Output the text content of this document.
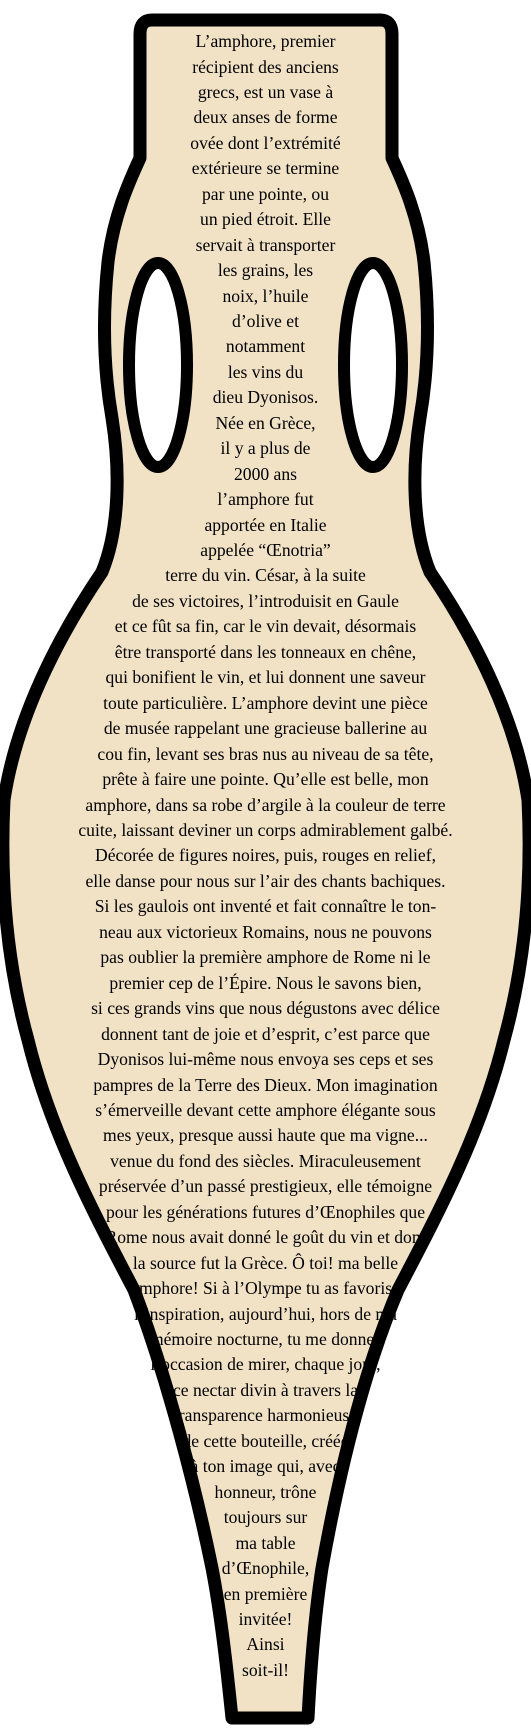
L’amphore, premier
récipient des anciens
grecs, est un vase à
deux anses de forme
ovée dont l’extrémité
extérieure se termine
par une pointe, ou
un pied étroit. Elle
servait à transporter
les grains, les
noix, l’huile
d’olive et
notamment
les vins du
dieu Dyonisos.
Née en Grèce,
il y a plus de
2000 ans
l’amphore fut
apportée en Italie
appelée “Œnotria”
terre du vin. César, à la suite
de ses victoires, l’introduisit en Gaule
et ce fût sa fin, car le vin devait, désormais
être transporté dans les tonneaux en chêne,
qui bonifient le vin, et lui donnent une saveur
toute particulière. L’amphore devint une pièce
de musée rappelant une gracieuse ballerine au
cou fin, levant ses bras nus au niveau de sa tête,
prête à faire une pointe. Qu’elle est belle, mon
amphore, dans sa robe d’argile à la couleur de terre
cuite, laissant deviner un corps admirablement galbé.
Décorée de figures noires, puis, rouges en relief,
elle danse pour nous sur l’air des chants bachiques.
Si les gaulois ont inventé et fait connaître le ton-
neau aux victorieux Romains, nous ne pouvons
pas oublier la première amphore de Rome ni le
premier cep de l’Épire. Nous le savons bien,
si ces grands vins que nous dégustons avec délice
donnent tant de joie et d’esprit, c’est parce que
Dyonisos lui-même nous envoya ses ceps et ses
pampres de la Terre des Dieux. Mon imagination
s’émerveille devant cette amphore élégante sous
mes yeux, presque aussi haute que ma vigne...
venue du fond des siècles. Miraculeusement
préservée d’un passé prestigieux, elle témoigne
pour les générations futures d’Œnophiles que
Rome nous avait donné le goût du vin et dont
la source fut la Grèce. Ô toi! ma belle
amphore! Si à l’Olympe tu as favorisé
l’inspiration, aujourd’hui, hors de ma
mémoire nocturne, tu me donnes
l’occasion de mirer, chaque jour,
ce nectar divin à travers la
transparence harmonieuse
de cette bouteille, créée
à ton image qui, avec
honneur, trône
toujours sur
ma table
d’Œnophile,
en première
invitée!
Ainsi
soit-il!
